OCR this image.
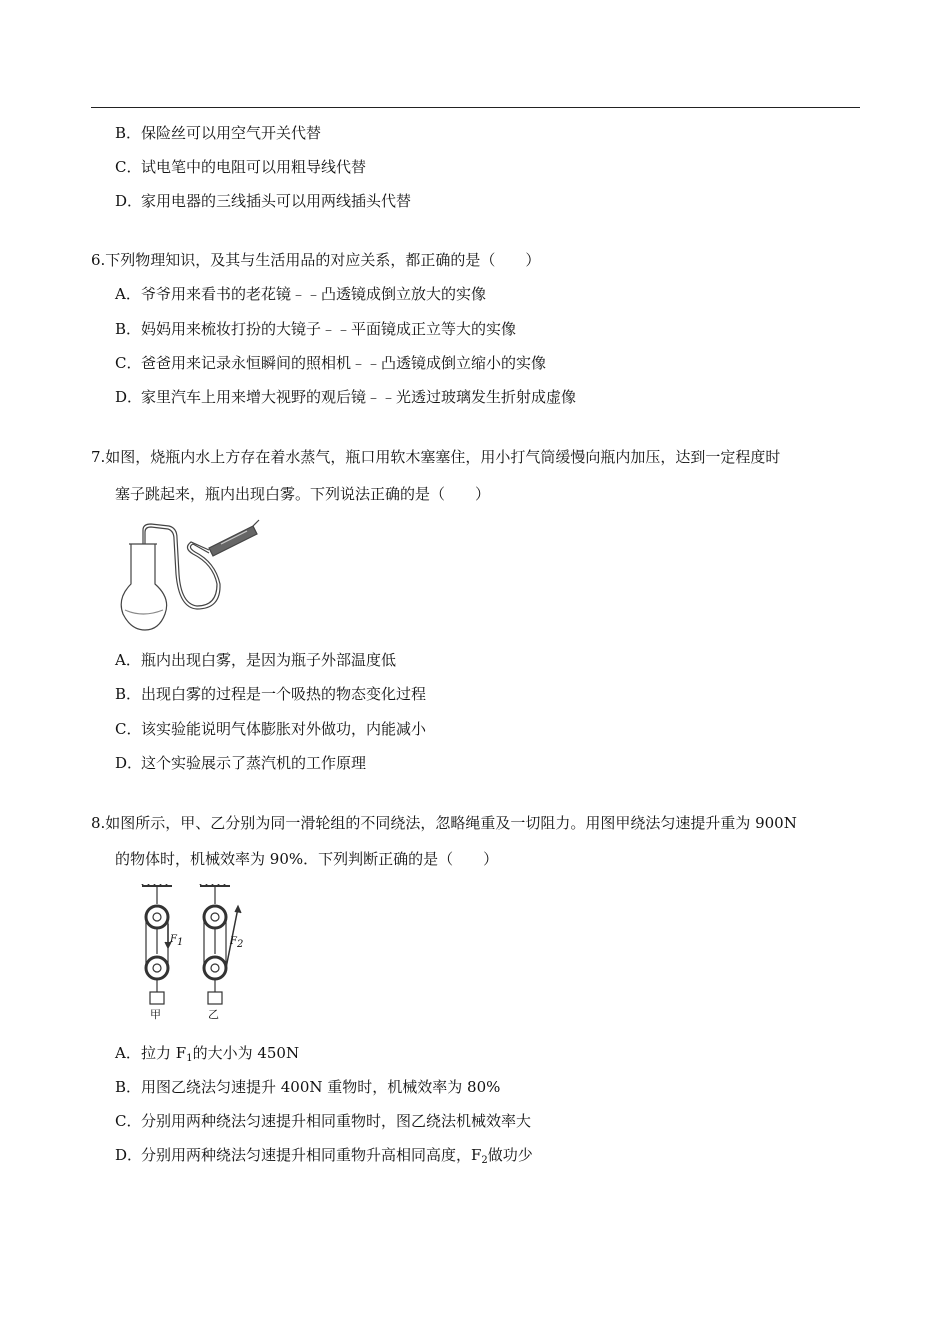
B．保险丝可以用空气开关代替
C．试电笔中的电阻可以用粗导线代替
D．家用电器的三线插头可以用两线插头代替
6.下列物理知识，及其与生活用品的对应关系，都正确的是（　　）
A．爷爷用来看书的老花镜﹣﹣凸透镜成倒立放大的实像
B．妈妈用来梳妆打扮的大镜子﹣﹣平面镜成正立等大的实像
C．爸爸用来记录永恒瞬间的照相机﹣﹣凸透镜成倒立缩小的实像
D．家里汽车上用来增大视野的观后镜﹣﹣光透过玻璃发生折射成虚像
7.如图，烧瓶内水上方存在着水蒸气，瓶口用软木塞塞住，用小打气筒缓慢向瓶内加压，达到一定程度时
塞子跳起来，瓶内出现白雾。下列说法正确的是（　　）
A．瓶内出现白雾，是因为瓶子外部温度低
B．出现白雾的过程是一个吸热的物态变化过程
C．该实验能说明气体膨胀对外做功，内能减小
D．这个实验展示了蒸汽机的工作原理
8.如图所示，甲、乙分别为同一滑轮组的不同绕法，忽略绳重及一切阻力。用图甲绕法匀速提升重为 900N
的物体时，机械效率为 90%．下列判断正确的是（　　）
$F_1$	$F_2$
甲	乙
A．拉力 $F_1$的大小为 450N
B．用图乙绕法匀速提升 400N 重物时，机械效率为 80%
C．分别用两种绕法匀速提升相同重物时，图乙绕法机械效率大
D．分别用两种绕法匀速提升相同重物升高相同高度，$F_2$做功少
